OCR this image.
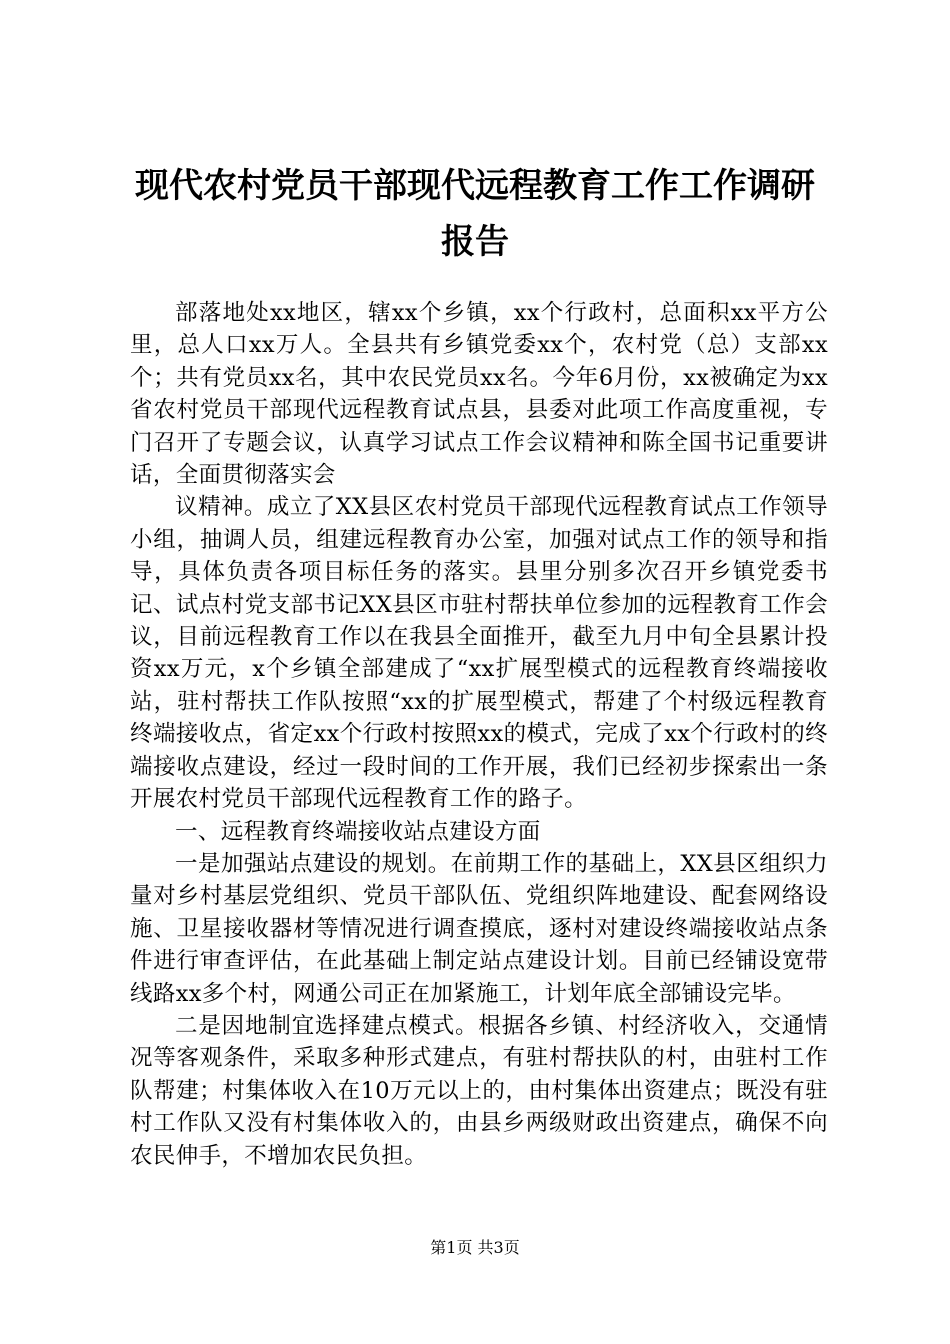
现代农村党员干部现代远程教育工作工作调研报告

部落地处xx地区，辖xx个乡镇，xx个行政村，总面积xx平方公里，总人口xx万人。全县共有乡镇党委xx个，农村党（总）支部xx个；共有党员xx名，其中农民党员xx名。今年6月份，xx被确定为xx省农村党员干部现代远程教育试点县，县委对此项工作高度重视，专门召开了专题会议，认真学习试点工作会议精神和陈全国书记重要讲话，全面贯彻落实会

议精神。成立了XX县区农村党员干部现代远程教育试点工作领导小组，抽调人员，组建远程教育办公室，加强对试点工作的领导和指导，具体负责各项目标任务的落实。县里分别多次召开乡镇党委书记、试点村党支部书记XX县区市驻村帮扶单位参加的远程教育工作会议，目前远程教育工作以在我县全面推开，截至九月中旬全县累计投资xx万元，x个乡镇全部建成了“xx扩展型模式的远程教育终端接收站，驻村帮扶工作队按照“xx的扩展型模式，帮建了个村级远程教育终端接收点，省定xx个行政村按照xx的模式，完成了xx个行政村的终端接收点建设，经过一段时间的工作开展，我们已经初步探索出一条开展农村党员干部现代远程教育工作的路子。

一、远程教育终端接收站点建设方面

一是加强站点建设的规划。在前期工作的基础上，XX县区组织力量对乡村基层党组织、党员干部队伍、党组织阵地建设、配套网络设施、卫星接收器材等情况进行调查摸底，逐村对建设终端接收站点条件进行审查评估，在此基础上制定站点建设计划。目前已经铺设宽带线路xx多个村，网通公司正在加紧施工，计划年底全部铺设完毕。

二是因地制宜选择建点模式。根据各乡镇、村经济收入，交通情况等客观条件，采取多种形式建点，有驻村帮扶队的村，由驻村工作队帮建；村集体收入在10万元以上的，由村集体出资建点；既没有驻村工作队又没有村集体收入的，由县乡两级财政出资建点，确保不向农民伸手，不增加农民负担。

第1页 共3页
